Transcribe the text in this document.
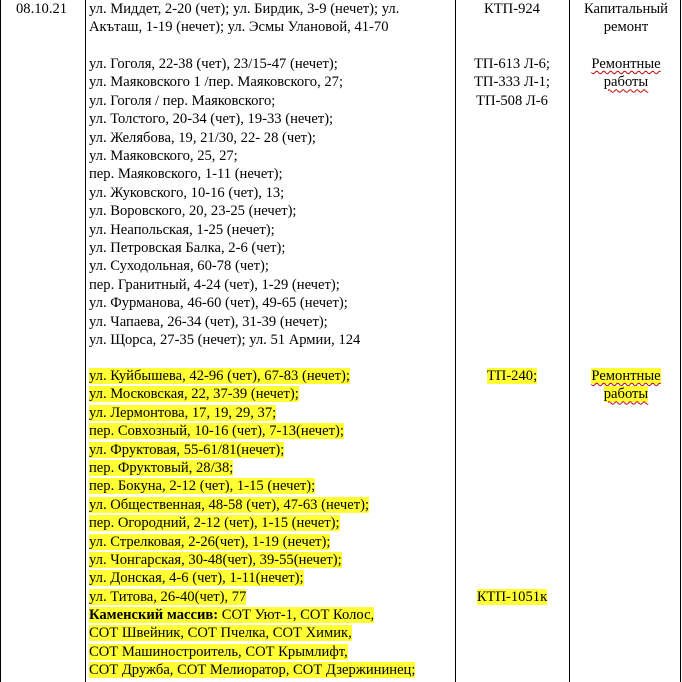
08.10.21	ул. Миддет, 2-20 (чет); ул. Бирдик, 3-9 (нечет); ул.
Акъташ, 1-19 (нечет); ул. Эсмы Улановой, 41-70
ул. Гоголя, 22-38 (чет), 23/15-47 (нечет);
ул. Маяковского 1 /пер. Маяковского, 27;
ул. Гоголя / пер. Маяковского;
ул. Толстого, 20-34 (чет), 19-33 (нечет);
ул. Желябова, 19, 21/30, 22- 28 (чет);
ул. Маяковского, 25, 27;
пер. Маяковского, 1-11 (нечет);
ул. Жуковского, 10-16 (чет), 13;
ул. Воровского, 20, 23-25 (нечет);
ул. Неапольская, 1-25 (нечет);
ул. Петровская Балка, 2-6 (чет);
ул. Суходольная, 60-78 (чет);
пер. Гранитный, 4-24 (чет), 1-29 (нечет);
ул. Фурманова, 46-60 (чет), 49-65 (нечет);
ул. Чапаева, 26-34 (чет), 31-39 (нечет);
ул. Щорса, 27-35 (нечет); ул. 51 Армии, 124
ул. Куйбышева, 42-96 (чет), 67-83 (нечет);
ул. Московская, 22, 37-39 (нечет);
ул. Лермонтова, 17, 19, 29, 37;
пер. Совхозный, 10-16 (чет), 7-13(нечет);
ул. Фруктовая, 55-61/81(нечет);
пер. Фруктовый, 28/38;
пер. Бокуна, 2-12 (чет), 1-15 (нечет);
ул. Общественная, 48-58 (чет), 47-63 (нечет);
пер. Огородний, 2-12 (чет), 1-15 (нечет);
ул. Стрелковая, 2-26(чет), 1-19 (нечет);
ул. Чонгарская, 30-48(чет), 39-55(нечет);
ул. Донская, 4-6 (чет), 1-11(нечет);
ул. Титова, 26-40(чет), 77
Каменский массив: СОТ Уют-1, СОТ Колос,
СОТ Швейник, СОТ Пчелка, СОТ Химик,
СОТ Машиностроитель, СОТ Крымлифт,
СОТ Дружба, СОТ Мелиоратор, СОТ Дзержининец;
КТП-924
ТП-613 Л-6;
ТП-333 Л-1;
ТП-508 Л-6
ТП-240;
КТП-1051к
Капитальный
ремонт
Ремонтные
работы
Ремонтные
работы
